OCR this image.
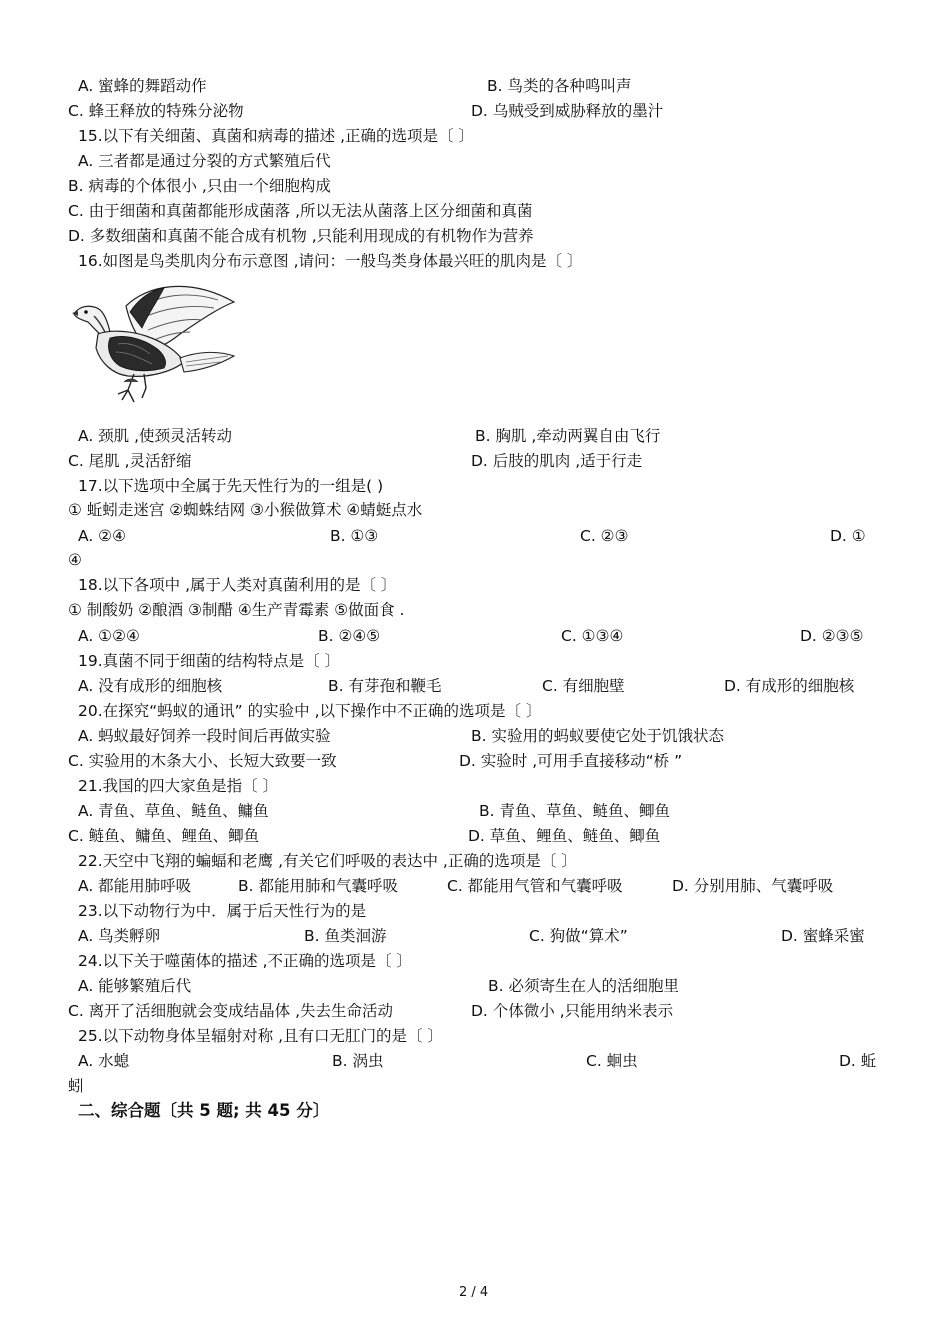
A. 蜜蜂的舞蹈动作	B. 鸟类的各种鸣叫声
C. 蜂王释放的特殊分泌物	D. 乌贼受到威胁释放的墨汁
15.以下有关细菌、真菌和病毒的描述 ,正确的选项是〔 〕
A. 三者都是通过分裂的方式繁殖后代
B. 病毒的个体很小 ,只由一个细胞构成
C. 由于细菌和真菌都能形成菌落 ,所以无法从菌落上区分细菌和真菌
D. 多数细菌和真菌不能合成有机物 ,只能利用现成的有机物作为营养
16.如图是鸟类肌肉分布示意图 ,请问：一般鸟类身体最兴旺的肌肉是〔 〕
A. 颈肌 ,使颈灵活转动	B. 胸肌 ,牵动两翼自由飞行
C. 尾肌 ,灵活舒缩	D. 后肢的肌肉 ,适于行走
17.以下选项中全属于先天性行为的一组是( )
① 蚯蚓走迷宫 ②蜘蛛结网 ③小猴做算术 ④蜻蜓点水
A. ②④	B. ①③	C. ②③	D. ①
④
18.以下各项中 ,属于人类对真菌利用的是〔 〕
① 制酸奶 ②酿酒 ③制醋 ④生产青霉素 ⑤做面食 .
A. ①②④	B. ②④⑤	C. ①③④	D. ②③⑤
19.真菌不同于细菌的结构特点是〔 〕
A. 没有成形的细胞核	B. 有芽孢和鞭毛	C. 有细胞壁	D. 有成形的细胞核
20.在探究“蚂蚁的通讯” 的实验中 ,以下操作中不正确的选项是〔 〕
A. 蚂蚁最好饲养一段时间后再做实验	B. 实验用的蚂蚁要使它处于饥饿状态
C. 实验用的木条大小、长短大致要一致	D. 实验时 ,可用手直接移动“桥 ”
21.我国的四大家鱼是指〔 〕
A. 青鱼、草鱼、鲢鱼、鳙鱼	B. 青鱼、草鱼、鲢鱼、鲫鱼
C. 鲢鱼、鳙鱼、鲤鱼、鲫鱼	D. 草鱼、鲤鱼、鲢鱼、鲫鱼
22.天空中飞翔的蝙蝠和老鹰 ,有关它们呼吸的表达中 ,正确的选项是〔 〕
A. 都能用肺呼吸	B. 都能用肺和气囊呼吸	C. 都能用气管和气囊呼吸	D. 分别用肺、气囊呼吸
23.以下动物行为中．属于后天性行为的是
A. 鸟类孵卵	B. 鱼类洄游	C. 狗做“算术”	D. 蜜蜂采蜜
24.以下关于噬菌体的描述 ,不正确的选项是〔 〕
A. 能够繁殖后代	B. 必须寄生在人的活细胞里
C. 离开了活细胞就会变成结晶体 ,失去生命活动	D. 个体微小 ,只能用纳米表示
25.以下动物身体呈辐射对称 ,且有口无肛门的是〔 〕
A. 水螅	B. 涡虫	C. 蛔虫	D. 蚯
蚓
二、综合题〔共 5 题; 共 45 分〕
2 / 4
